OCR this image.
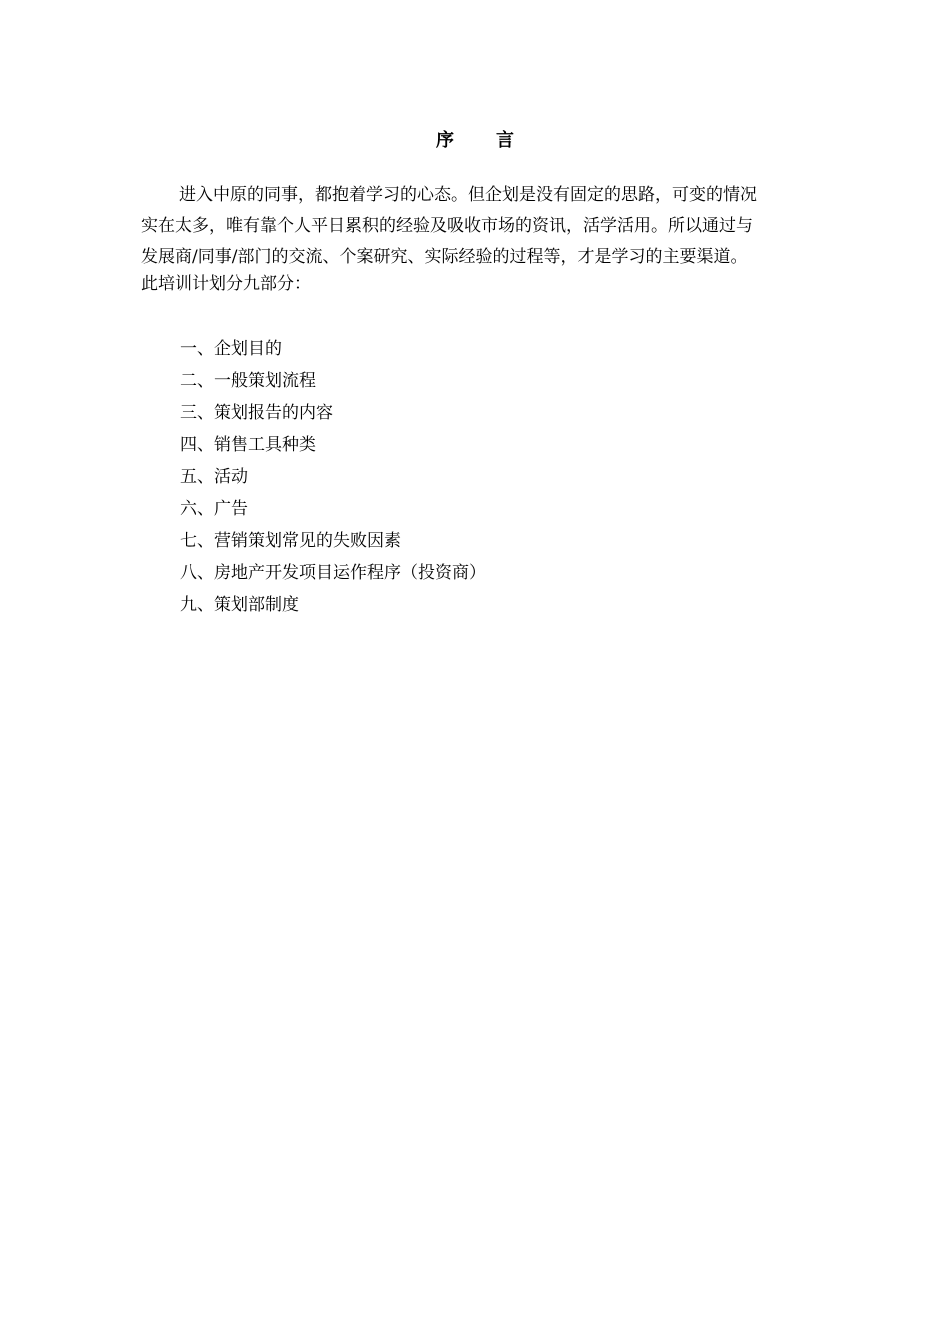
序 言
进入中原的同事，都抱着学习的心态。但企划是没有固定的思路，可变的情况
实在太多，唯有靠个人平日累积的经验及吸收市场的资讯，活学活用。所以通过与
发展商/同事/部门的交流、个案研究、实际经验的过程等，才是学习的主要渠道。
此培训计划分九部分：
一、企划目的
二、一般策划流程
三、策划报告的内容
四、销售工具种类
五、活动
六、广告
七、营销策划常见的失败因素
八、房地产开发项目运作程序（投资商）
九、策划部制度
